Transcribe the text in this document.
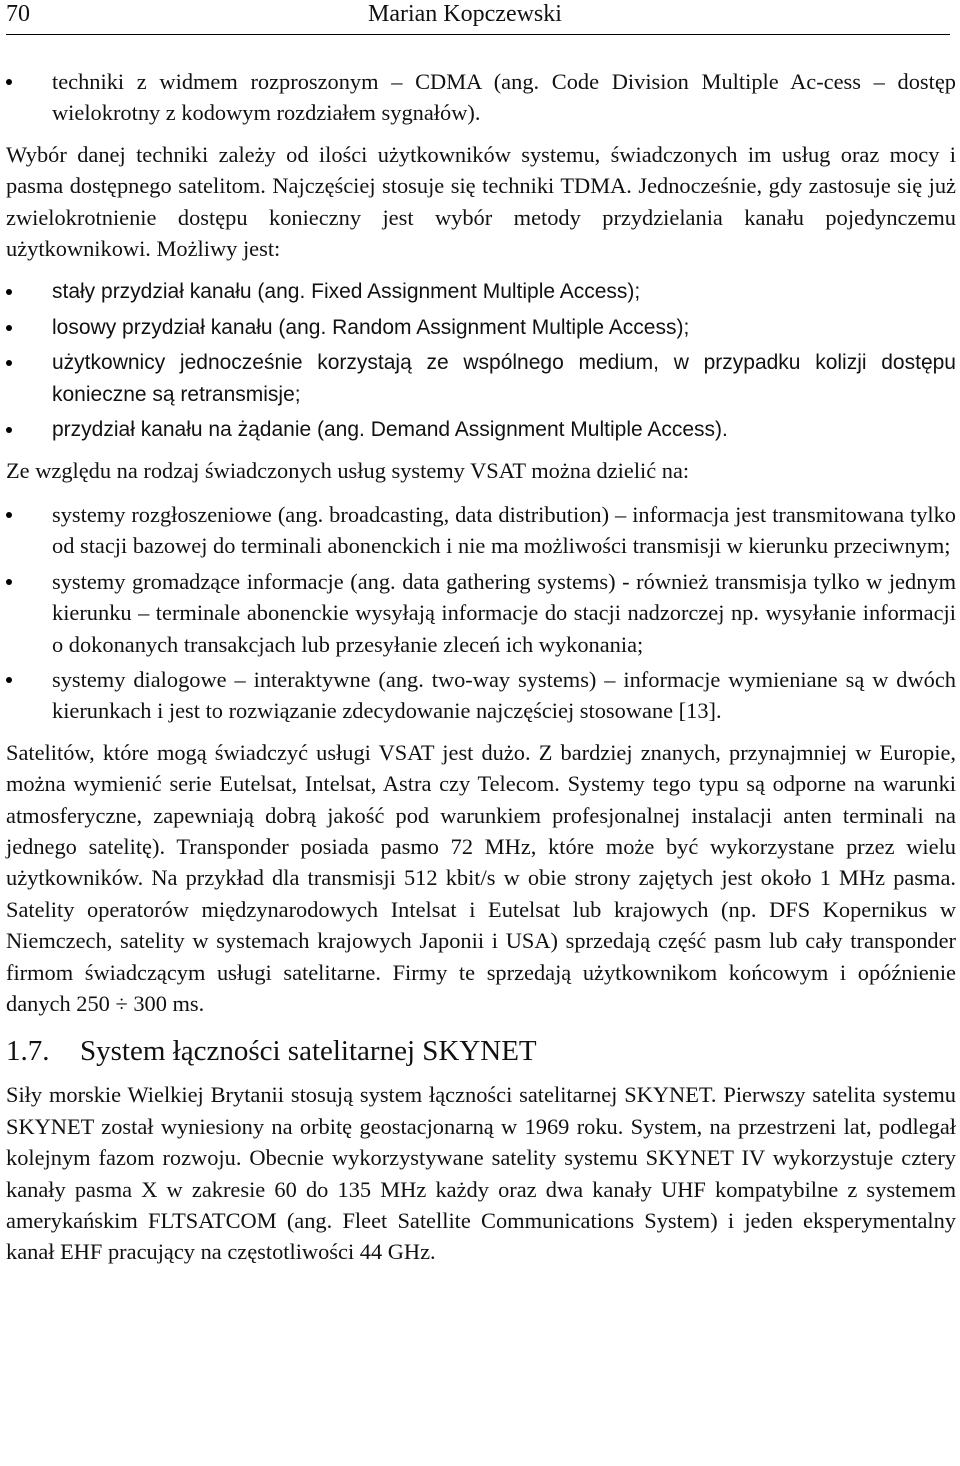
70	Marian Kopczewski
techniki z widmem rozproszonym – CDMA (ang. Code Division Multiple Ac-cess – dostęp wielokrotny z kodowym rozdziałem sygnałów).

Wybór danej techniki zależy od ilości użytkowników systemu, świadczonych im usług oraz mocy i pasma dostępnego satelitom. Najczęściej stosuje się techniki TDMA. Jednocześnie, gdy zastosuje się już zwielokrotnienie dostępu konieczny jest wybór metody przydzielania kanału pojedynczemu użytkownikowi. Możliwy jest:

stały przydział kanału (ang. Fixed Assignment Multiple Access);
losowy przydział kanału (ang. Random Assignment Multiple Access);
użytkownicy jednocześnie korzystają ze wspólnego medium, w przypadku kolizji dostępu konieczne są retransmisje;
przydział kanału na żądanie (ang. Demand Assignment Multiple Access).

Ze względu na rodzaj świadczonych usług systemy VSAT można dzielić na:

systemy rozgłoszeniowe (ang. broadcasting, data distribution) – informacja jest transmitowana tylko od stacji bazowej do terminali abonenckich i nie ma możliwości transmisji w kierunku przeciwnym;
systemy gromadzące informacje (ang. data gathering systems) - również transmisja tylko w jednym kierunku – terminale abonenckie wysyłają informacje do stacji nadzorczej np. wysyłanie informacji o dokonanych transakcjach lub przesyłanie zleceń ich wykonania;
systemy dialogowe – interaktywne (ang. two-way systems) – informacje wymieniane są w dwóch kierunkach i jest to rozwiązanie zdecydowanie najczęściej stosowane [13].

Satelitów, które mogą świadczyć usługi VSAT jest dużo. Z bardziej znanych, przynajmniej w Europie, można wymienić serie Eutelsat, Intelsat, Astra czy Telecom. Systemy tego typu są odporne na warunki atmosferyczne, zapewniają dobrą jakość pod warunkiem profesjonalnej instalacji anten terminali na jednego satelitę). Transponder posiada pasmo 72 MHz, które może być wykorzystane przez wielu użytkowników. Na przykład dla transmisji 512 kbit/s w obie strony zajętych jest około 1 MHz pasma. Satelity operatorów międzynarodowych Intelsat i Eutelsat lub krajowych (np. DFS Kopernikus w Niemczech, satelity w systemach krajowych Japonii i USA) sprzedają część pasm lub cały transponder firmom świadczącym usługi satelitarne. Firmy te sprzedają użytkownikom końcowym i opóźnienie danych 250 ÷ 300 ms.

1.7. System łączności satelitarnej SKYNET

Siły morskie Wielkiej Brytanii stosują system łączności satelitarnej SKYNET. Pierwszy satelita systemu SKYNET został wyniesiony na orbitę geostacjonarną w 1969 roku. System, na przestrzeni lat, podlegał kolejnym fazom rozwoju. Obecnie wykorzystywane satelity systemu SKYNET IV wykorzystuje cztery kanały pasma X w zakresie 60 do 135 MHz każdy oraz dwa kanały UHF kompatybilne z systemem amerykańskim FLTSATCOM (ang. Fleet Satellite Communications System) i jeden eksperymentalny kanał EHF pracujący na częstotliwości 44 GHz.
